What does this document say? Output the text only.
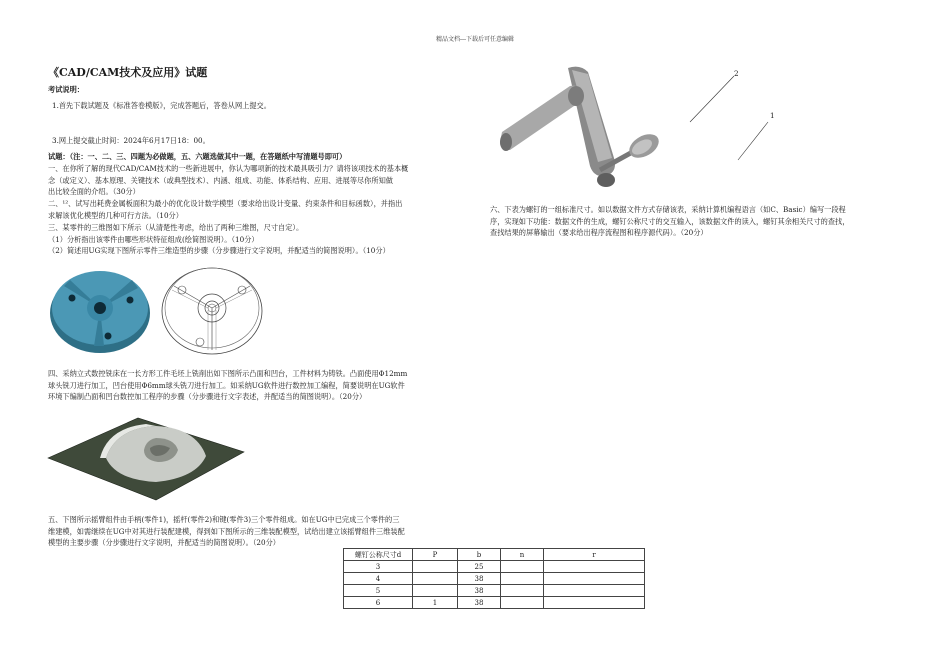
精品文档---下载后可任意编辑
《CAD/CAM技术及应用》试题
考试说明：
1.首先下载试题及《标准答卷模版》，完成答题后，答卷从网上提交。
3.网上提交截止时间：2024年6月17日18：00。
试题：（注：一、二、三、四题为必做题，五、六题选做其中一题，在答题纸中写清题号即可）
一、在你所了解的现代CAD/CAM技术的一些新进展中，你认为哪项新的技术最具吸引力？请将该项技术的基本概
念（或定义）、基本原理、关键技术（或典型技术）、内涵、组成、功能、体系结构、应用、进展等尽你所知做
出比较全面的介绍。（30分）
二、¹²、试写出耗费金属板面积为最小的优化设计数学模型（要求给出设计变量、约束条件和目标函数），并指出
求解该优化模型的几种可行方法。（10分）
三、某零件的三维图如下所示（从清楚性考虑，给出了两种三维图，尺寸自定）。
（1）分析指出该零件由哪些形状特征组成(绘简图说明）。（10分）
（2）简述用UG实现下图所示零件三维造型的步骤（分步骤进行文字说明，并配适当的简图说明）。（10分）
四、采纳立式数控铣床在一长方形工件毛坯上铣削出如下图所示凸面和凹台，工件材料为铸铁。凸面使用Φ12mm
球头铣刀进行加工，凹台使用Φ6mm球头铣刀进行加工。如采纳UG软件进行数控加工编程，简要说明在UG软件
环境下编制凸面和凹台数控加工程序的步骤（分步骤进行文字表述，并配适当的简图说明）。（20分）
五、下图所示摇臂组件由手柄(零件1)，摇杆(零件2)和键(零件3)三个零件组成。如在UG中已完成三个零件的三
维建模，如需继续在UG中对其进行装配建模，得到如下图所示的三维装配模型，试给出建立该摇臂组件三维装配
模型的主要步骤（分步骤进行文字说明，并配适当的简图说明）。（20分）
2
1
六、下表为螺钉的一组标准尺寸。如以数据文件方式存储该表，采纳计算机编程语言（如C、Basic）编写一段程
序，实现如下功能：数据文件的生成，螺钉公称尺寸的交互输入，该数据文件的读入，螺钉其余相关尺寸的查找，
查找结果的屏幕输出（要求给出程序流程图和程序源代码）。（20分）
螺钉公称尺寸d	P	b	n	r
3		25		
4		38		
5		38		
6	1	38		
